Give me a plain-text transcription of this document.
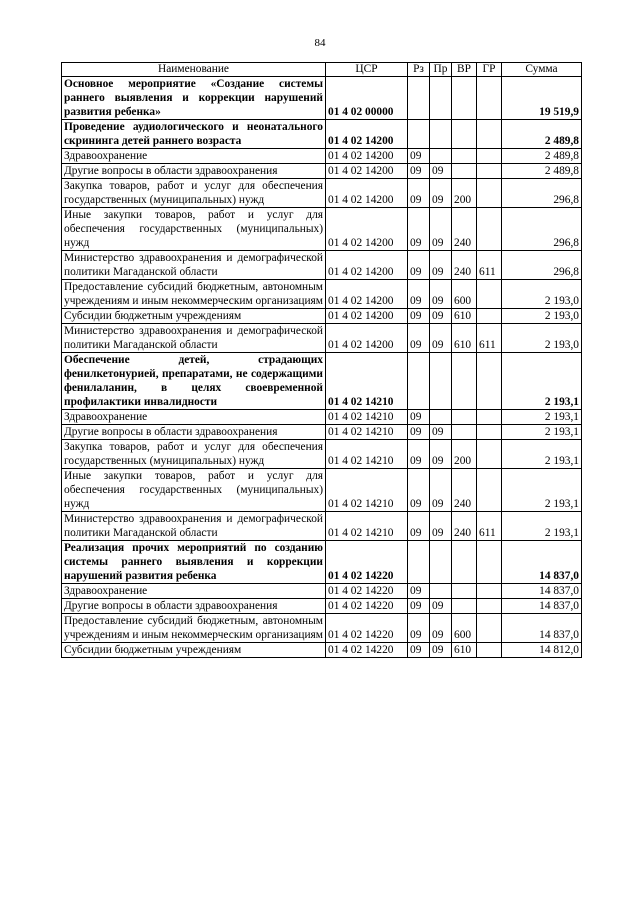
84
Наименование	ЦСР	Рз	Пр	ВР	ГР	Сумма
Основное мероприятие «Создание системы раннего выявления и коррекции нарушений развития ребенка»	01 4 02 00000					19 519,9
Проведение аудиологического и неонатального скрининга детей раннего возраста	01 4 02 14200					2 489,8
Здравоохранение	01 4 02 14200	09				2 489,8
Другие вопросы в области здравоохранения	01 4 02 14200	09	09			2 489,8
Закупка товаров, работ и услуг для обеспечения государственных (муниципальных) нужд	01 4 02 14200	09	09	200		296,8
Иные закупки товаров, работ и услуг для обеспечения государственных (муниципальных) нужд	01 4 02 14200	09	09	240		296,8
Министерство здравоохранения и демографической политики Магаданской области	01 4 02 14200	09	09	240	611	296,8
Предоставление субсидий бюджетным, автономным учреждениям и иным некоммерческим организациям	01 4 02 14200	09	09	600		2 193,0
Субсидии бюджетным учреждениям	01 4 02 14200	09	09	610		2 193,0
Министерство здравоохранения и демографической политики Магаданской области	01 4 02 14200	09	09	610	611	2 193,0
Обеспечение детей, страдающих фенилкетонурией, препаратами, не содержащими фенилаланин, в целях своевременной профилактики инвалидности	01 4 02 14210					2 193,1
Здравоохранение	01 4 02 14210	09				2 193,1
Другие вопросы в области здравоохранения	01 4 02 14210	09	09			2 193,1
Закупка товаров, работ и услуг для обеспечения государственных (муниципальных) нужд	01 4 02 14210	09	09	200		2 193,1
Иные закупки товаров, работ и услуг для обеспечения государственных (муниципальных) нужд	01 4 02 14210	09	09	240		2 193,1
Министерство здравоохранения и демографической политики Магаданской области	01 4 02 14210	09	09	240	611	2 193,1
Реализация прочих мероприятий по созданию системы раннего выявления и коррекции нарушений развития ребенка	01 4 02 14220					14 837,0
Здравоохранение	01 4 02 14220	09				14 837,0
Другие вопросы в области здравоохранения	01 4 02 14220	09	09			14 837,0
Предоставление субсидий бюджетным, автономным учреждениям и иным некоммерческим организациям	01 4 02 14220	09	09	600		14 837,0
Субсидии бюджетным учреждениям	01 4 02 14220	09	09	610		14 812,0
